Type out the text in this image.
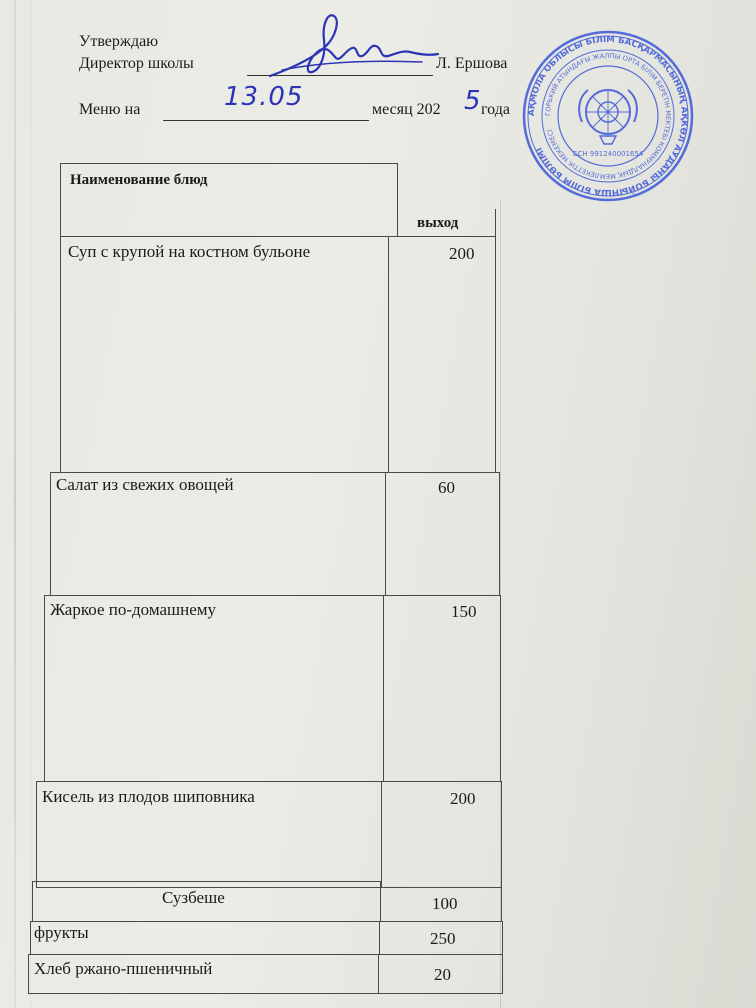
Утверждаю
Директор школы	Л. Ершова
Меню на	13.05	месяц 202 5 года АҚМОЛА ОБЛЫСЫ БІЛІМ БАСҚАРМАСЫНЫҢ АҚКӨЛ АУДАНЫ БОЙЫНША БІЛІМ БӨЛІМІ
ГОРЬКИЙ АТЫНДАҒЫ ЖАЛПЫ ОРТА БІЛІМ БЕРЕТІН МЕКТЕБІ КОММУНАЛДЫҚ МЕМЛЕКЕТТІК МЕКЕМЕСІ
БСН 991240001654
Наименование блюд
выход
Суп с крупой на костном бульоне	200
Салат из свежих овощей	60
Жаркое по-домашнему	150
Кисель из плодов шиповника	200
Сузбеше	100
фрукты	250
Хлеб ржано-пшеничный	20
